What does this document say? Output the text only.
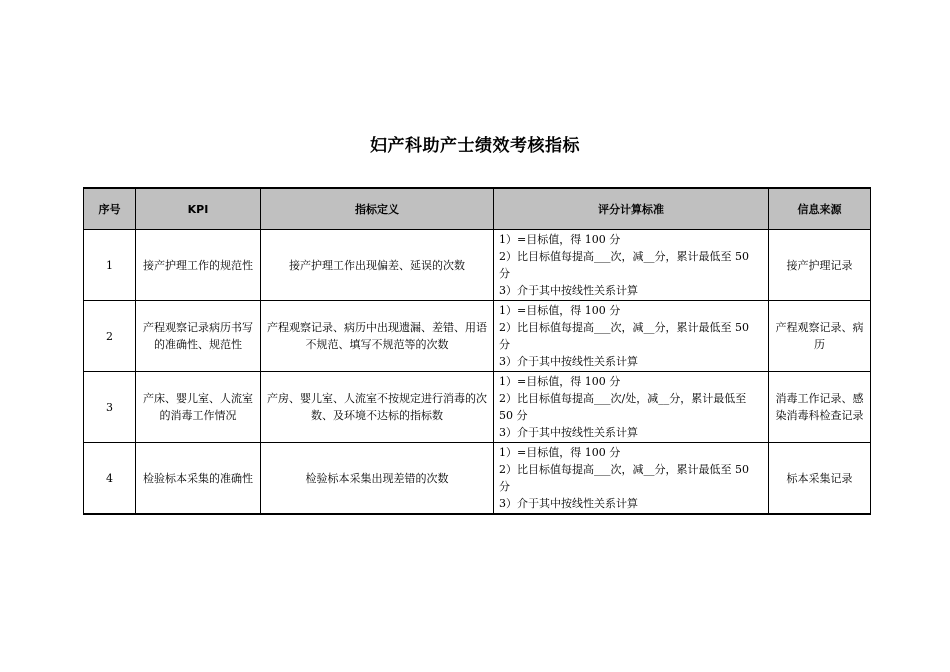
妇产科助产士绩效考核指标
序号	KPI	指标定义	评分计算标准	信息来源
1	接产护理工作的规范性	接产护理工作出现偏差、延误的次数	1）=目标值，得 100 分
2）比目标值每提高___次，减__分，累计最低至 50 分
3）介于其中按线性关系计算	接产护理记录
2	产程观察记录病历书写的准确性、规范性	产程观察记录、病历中出现遗漏、差错、用语不规范、填写不规范等的次数	1）=目标值，得 100 分
2）比目标值每提高___次，减__分，累计最低至 50 分
3）介于其中按线性关系计算	产程观察记录、病历
3	产床、婴儿室、人流室的消毒工作情况	产房、婴儿室、人流室不按规定进行消毒的次数、及环境不达标的指标数	1）=目标值，得 100 分
2）比目标值每提高___次/处，减__分，累计最低至 50 分
3）介于其中按线性关系计算	消毒工作记录、感染消毒科检查记录
4	检验标本采集的准确性	检验标本采集出现差错的次数	1）=目标值，得 100 分
2）比目标值每提高___次，减__分，累计最低至 50 分
3）介于其中按线性关系计算	标本采集记录
